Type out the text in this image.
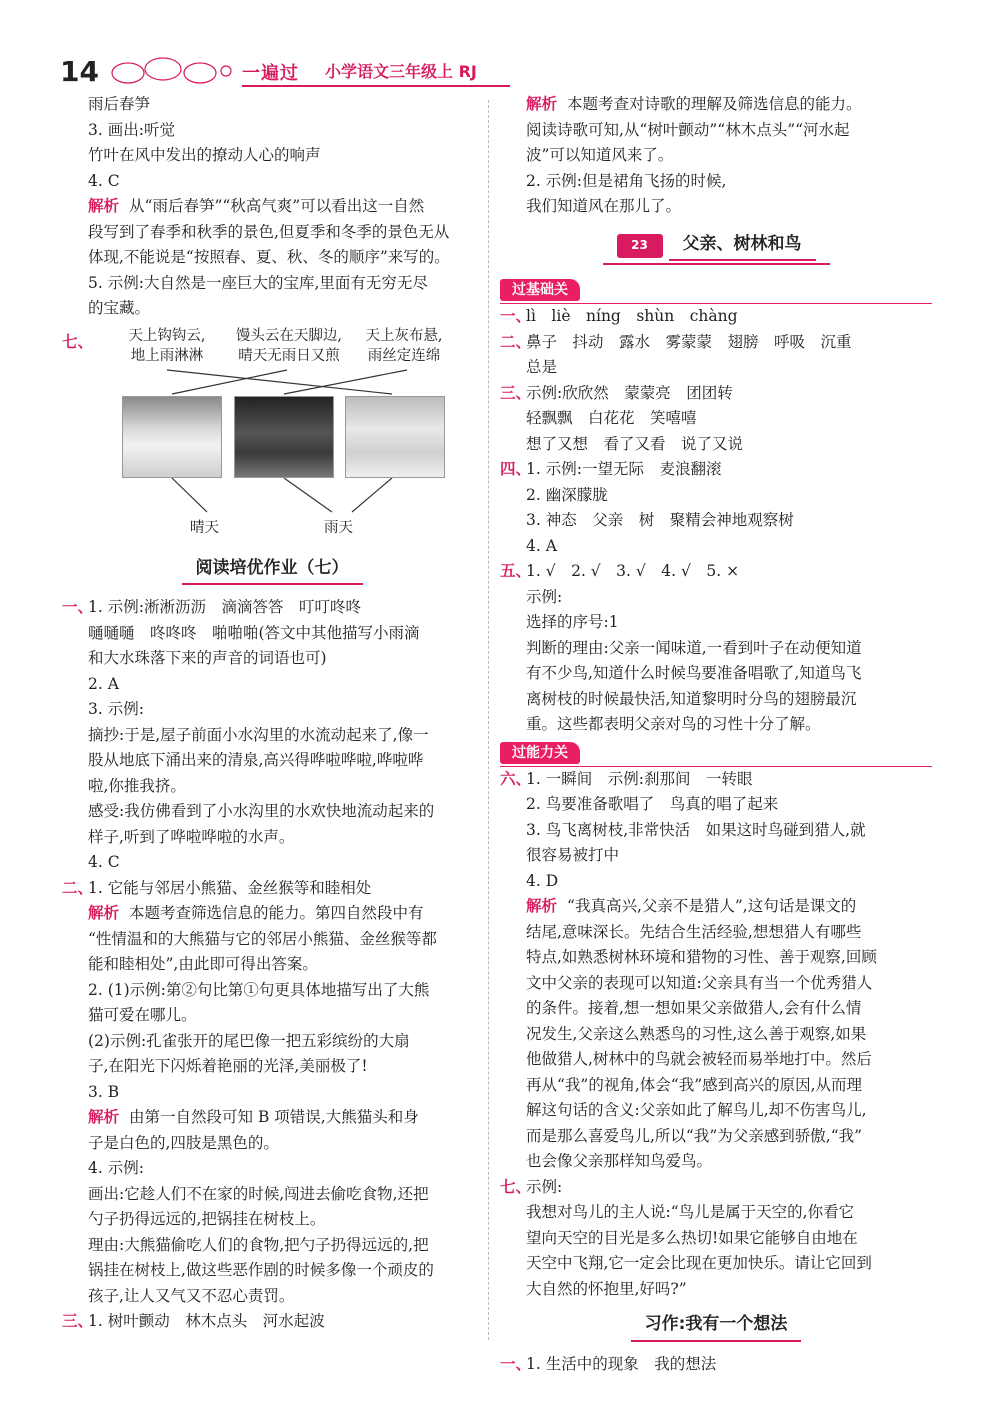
14	一遍过 小学语文三年级上 RJ
雨后春笋
3. 画出:听觉
竹叶在风中发出的撩动人心的响声
4. C
解析 从“雨后春笋”“秋高气爽”可以看出这一自然
段写到了春季和秋季的景色,但夏季和冬季的景色无从
体现,不能说是“按照春、夏、秋、冬的顺序”来写的。
5. 示例:大自然是一座巨大的宝库,里面有无穷无尽
的宝藏。
七、	天上钩钩云,
地上雨淋淋
馒头云在天脚边,
晴天无雨日又煎
天上灰布悬,
雨丝定连绵
晴天	雨天
阅读培优作业（七）
一、1. 示例:淅淅沥沥　滴滴答答　叮叮咚咚
嗵嗵嗵　咚咚咚　啪啪啪(答文中其他描写小雨滴
和大水珠落下来的声音的词语也可)
2. A
3. 示例:
摘抄:于是,屋子前面小水沟里的水流动起来了,像一
股从地底下涌出来的清泉,高兴得哗啦哗啦,哗啦哗
啦,你推我挤。
感受:我仿佛看到了小水沟里的水欢快地流动起来的
样子,听到了哗啦哗啦的水声。
4. C
二、1. 它能与邻居小熊猫、金丝猴等和睦相处
解析 本题考查筛选信息的能力。第四自然段中有
“性情温和的大熊猫与它的邻居小熊猫、金丝猴等都
能和睦相处”,由此即可得出答案。
2. (1)示例:第②句比第①句更具体地描写出了大熊
猫可爱在哪儿。
(2)示例:孔雀张开的尾巴像一把五彩缤纷的大扇
子,在阳光下闪烁着艳丽的光泽,美丽极了!
3. B
解析 由第一自然段可知 B 项错误,大熊猫头和身
子是白色的,四肢是黑色的。
4. 示例:
画出:它趁人们不在家的时候,闯进去偷吃食物,还把
勺子扔得远远的,把锅挂在树枝上。
理由:大熊猫偷吃人们的食物,把勺子扔得远远的,把
锅挂在树枝上,做这些恶作剧的时候多像一个顽皮的
孩子,让人又气又不忍心责罚。
三、1. 树叶颤动　林木点头　河水起波
解析 本题考查对诗歌的理解及筛选信息的能力。
阅读诗歌可知,从“树叶颤动”“林木点头”“河水起
波”可以知道风来了。
2. 示例:但是裙角飞扬的时候,
我们知道风在那儿了。
23 父亲、树林和鸟
过基础关
一、lì　liè　níng　shùn　chàng
二、鼻子　抖动　露水　雾蒙蒙　翅膀　呼吸　沉重
总是
三、示例:欣欣然　蒙蒙亮　团团转
轻飘飘　白花花　笑嘻嘻
想了又想　看了又看　说了又说
四、1. 示例:一望无际　麦浪翻滚
2. 幽深朦胧
3. 神态　父亲　树　聚精会神地观察树
4. A
五、1. √　2. √　3. √　4. √　5. ×
示例:
选择的序号:1
判断的理由:父亲一闻味道,一看到叶子在动便知道
有不少鸟,知道什么时候鸟要准备唱歌了,知道鸟飞
离树枝的时候最快活,知道黎明时分鸟的翅膀最沉
重。这些都表明父亲对鸟的习性十分了解。
过能力关
六、1. 一瞬间　示例:刹那间　一转眼
2. 鸟要准备歌唱了　鸟真的唱了起来
3. 鸟飞离树枝,非常快活　如果这时鸟碰到猎人,就
很容易被打中
4. D
解析 “我真高兴,父亲不是猎人”,这句话是课文的
结尾,意味深长。先结合生活经验,想想猎人有哪些
特点,如熟悉树林环境和猎物的习性、善于观察,回顾
文中父亲的表现可以知道:父亲具有当一个优秀猎人
的条件。接着,想一想如果父亲做猎人,会有什么情
况发生,父亲这么熟悉鸟的习性,这么善于观察,如果
他做猎人,树林中的鸟就会被轻而易举地打中。然后
再从“我”的视角,体会“我”感到高兴的原因,从而理
解这句话的含义:父亲如此了解鸟儿,却不伤害鸟儿,
而是那么喜爱鸟儿,所以“我”为父亲感到骄傲,“我”
也会像父亲那样知鸟爱鸟。
七、示例:
我想对鸟儿的主人说:“鸟儿是属于天空的,你看它
望向天空的目光是多么热切!如果它能够自由地在
天空中飞翔,它一定会比现在更加快乐。请让它回到
大自然的怀抱里,好吗?”
习作:我有一个想法
一、1. 生活中的现象　我的想法
